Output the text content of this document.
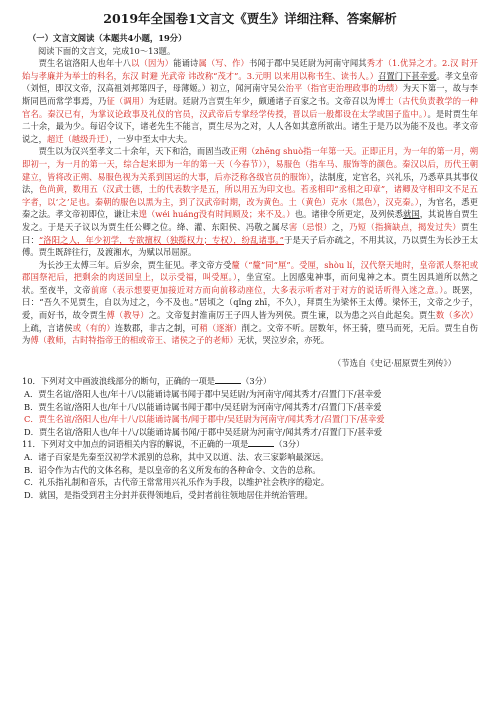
2019年全国卷1文言文《贾生》详细注释、答案解析
（一）文言文阅读（本题共4小题，19分）
阅读下面的文言文，完成10～13题。

贾生名谊洛阳人也年十八以（因为）能诵诗属（写、作）书闻于郡中吴廷尉为河南守闻其秀才（1.优异之才。2.汉 时开始与孝廉并为举士的科名，东汉 时避 光武帝 讳改称“茂才”。3.元明 以来用以称书生、读书人。）召置门下甚幸爱。孝文皇帝（刘恒，即汉文帝，汉高祖刘邦第四子，母薄姬。）初立，闻河南守吴公治平（指官吏治理政事的功绩）为天下第一，故与李斯同邑而常学事焉，乃征（调用）为廷尉。廷尉乃言贾生年少，颇通诸子百家之书。文帝召以为博士（古代负责教学的一种官名。秦汉已有，为掌议论政事及礼仪的官员，汉武帝后专掌经学传授，晋以后一般都设在太学或国子监中。）。是时贾生年二十余，最为少。每诏令议下，诸老先生不能言，贾生尽为之对，人人各如其意所欲出。诸生于是乃以为能不及也。孝文帝说之，超迁（越级升迁），一岁中至太中大夫。

贾生以为汉兴至孝文二十余年，天下和洽，而固当改正朔（zhēng shuò指一年第一天。正即正月，为一年的第一月，朔即初一，为一月的第一天，综合起来即为一年的第一天（今春节）），易服色（指车马、服饰等的颜色。秦汉以后，历代王朝建立，皆将改正朔、易服色视为关系到国运的大事，后亦泛称各级官员的服饰），法制度，定官名，兴礼乐，乃悉草具其事仪法，色尚黄，数用五（汉武士德，土的代表数字是五，所以用五为印文也。若丞相印“丞相之印章”，诸卿及守相印文不足五字者，以‘之’足也。秦朝的服色以黑为主，到了汉武帝时期，改为黄色。土（黄色）克水（黑色），汉克秦。），为官名，悉更秦之法。孝文帝初即位，谦让未遑（wéi huáng没有时间顾及；来不及。）也。诸律令所更定，及列侯悉就国，其说皆自贾生发之。于是天子议以为贾生任公卿之位。绛、灌、东阳侯、冯敬之属尽害（忌恨）之，乃短（指摘缺点，揭发过失）贾生曰：“洛阳之人，年少初学，专欲擅权（独揽权力；专权），纷乱诸事。”于是天子后亦疏之，不用其议，乃以贾生为长沙王太傅。贾生既辞往行，及渡湘水，为赋以吊屈原。

为长沙王太傅三年。后岁余，贾生征见。孝文帝方受釐（“釐”同“厘”。受厘，shòu lí，汉代祭天地时，皇帝派人祭祀或郡国祭祀后，把剩余的肉送回皇上，以示受福，叫受厘。），坐宣室。上因感鬼神事，而问鬼神之本。贾生因具道所以然之状。至夜半，文帝前席（表示想要更加接近对方而向前移动座位，大多表示听者对于对方的说话听得入迷之意。）。既罢，曰：“吾久不见贾生，自以为过之，今不及也。”居顷之（qǐng zhī，不久），拜贾生为梁怀王太傅。梁怀王，文帝之少子，爱，而好书，故令贾生傅（教导）之。文帝复封淮南厉王子四人皆为列侯。贾生谏，以为患之兴自此起矣。贾生数（多次）上疏，言诸侯或（有的）连数郡，非古之制，可稍（逐渐）削之。文帝不听。居数年，怀王骑，堕马而死，无后。贾生自伤为傅（教师，古时特指帝王的相或帝王、诸侯之子的老师）无状，哭泣岁余，亦死。

（节选自《史记·屈原贾生列传》）

10．下列对文中画波浪线部分的断句，正确的一项是	（3分）

A．贾生名谊/洛阳人也/年十八/以能诵诗属书闻于郡中吴廷尉/为河南守/闻其秀才/召置门下/甚幸爱
B．贾生名谊/洛阳人也/年十八/以能诵诗属书闻于郡中/吴廷尉为河南守/闻其秀才/召置门下/甚幸爱
C．贾生名谊/洛阳人也/年十八/以能诵诗属书/闻于郡中/吴廷尉为河南守/闻其秀才/召置门下/甚幸爱
D．贾生名谊/洛阳人也/年十八/以能诵诗属书闻/于郡中吴廷尉为河南守/闻其秀才/召置门下/甚幸爱

11．下列对文中加点的词语相关内容的解说，不正确的一项是	（3分）

A．诸子百家是先秦至汉初学术派别的总称，其中又以道、法、农三家影响最深远。
B．诏令作为古代的文体名称，是以皇帝的名义所发布的各种命令、文告的总称。
C．礼乐指礼制和音乐，古代帝王常常用兴礼乐作为手段，以维护社会秩序的稳定。
D．就国，是指受到君主分封并获得领地后，受封者前往领地居住并统治管理。
